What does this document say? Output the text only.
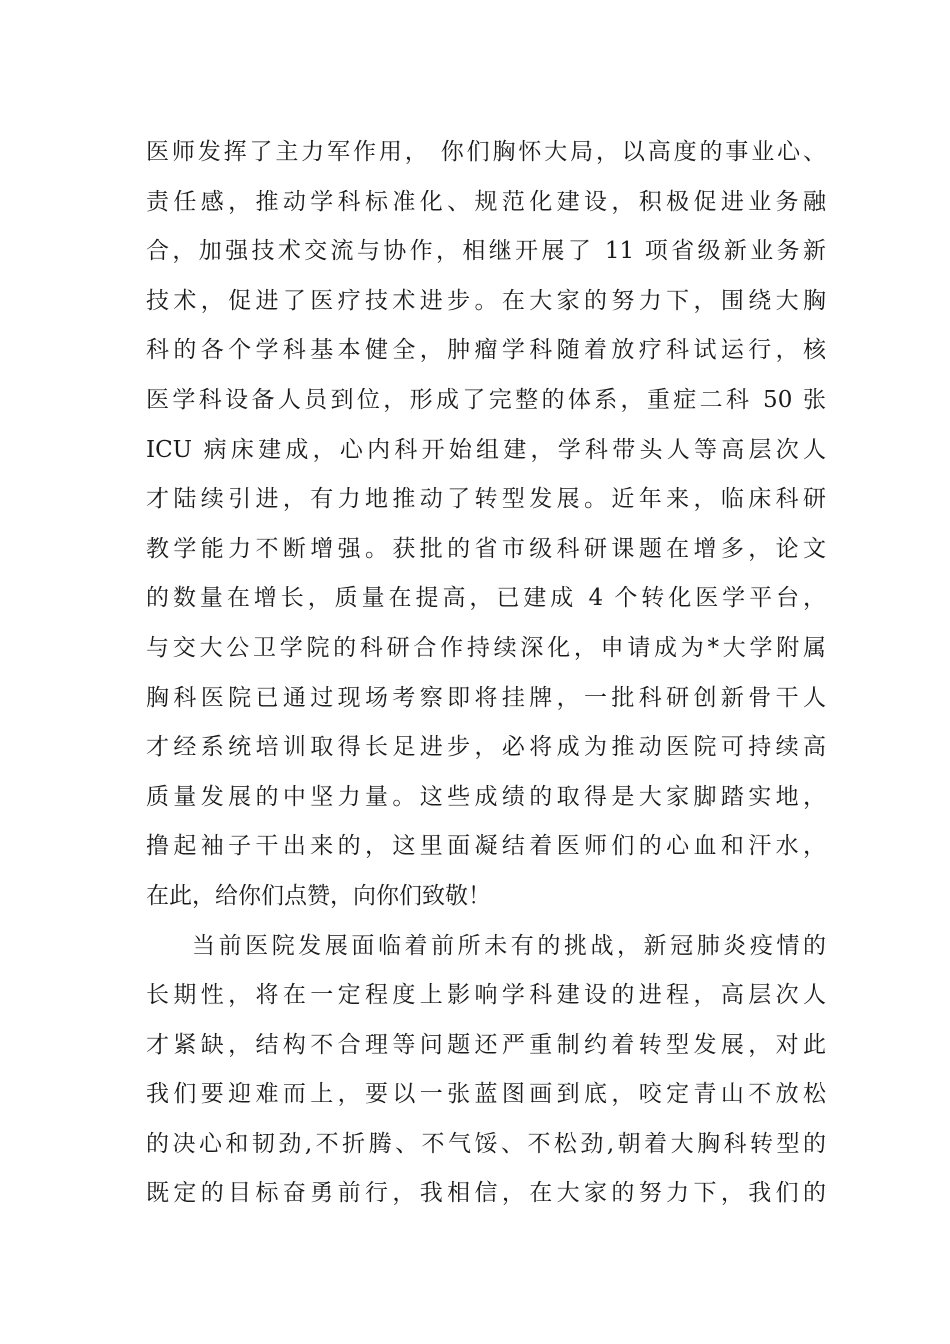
医师发挥了主力军作用， 你们胸怀大局，以高度的事业心、
责任感，推动学科标准化、规范化建设，积极促进业务融
合，加强技术交流与协作，相继开展了 11 项省级新业务新
技术，促进了医疗技术进步。在大家的努力下，围绕大胸
科的各个学科基本健全，肿瘤学科随着放疗科试运行，核
医学科设备人员到位，形成了完整的体系，重症二科 50 张
ICU 病床建成，心内科开始组建，学科带头人等高层次人
才陆续引进，有力地推动了转型发展。近年来，临床科研
教学能力不断增强。获批的省市级科研课题在增多，论文
的数量在增长，质量在提高，已建成 4 个转化医学平台，
与交大公卫学院的科研合作持续深化，申请成为*大学附属
胸科医院已通过现场考察即将挂牌，一批科研创新骨干人
才经系统培训取得长足进步，必将成为推动医院可持续高
质量发展的中坚力量。这些成绩的取得是大家脚踏实地，
撸起袖子干出来的，这里面凝结着医师们的心血和汗水，
在此，给你们点赞，向你们致敬！
当前医院发展面临着前所未有的挑战，新冠肺炎疫情的
长期性，将在一定程度上影响学科建设的进程，高层次人
才紧缺，结构不合理等问题还严重制约着转型发展，对此
我们要迎难而上，要以一张蓝图画到底，咬定青山不放松
的决心和韧劲,不折腾、不气馁、不松劲,朝着大胸科转型的
既定的目标奋勇前行，我相信，在大家的努力下，我们的
